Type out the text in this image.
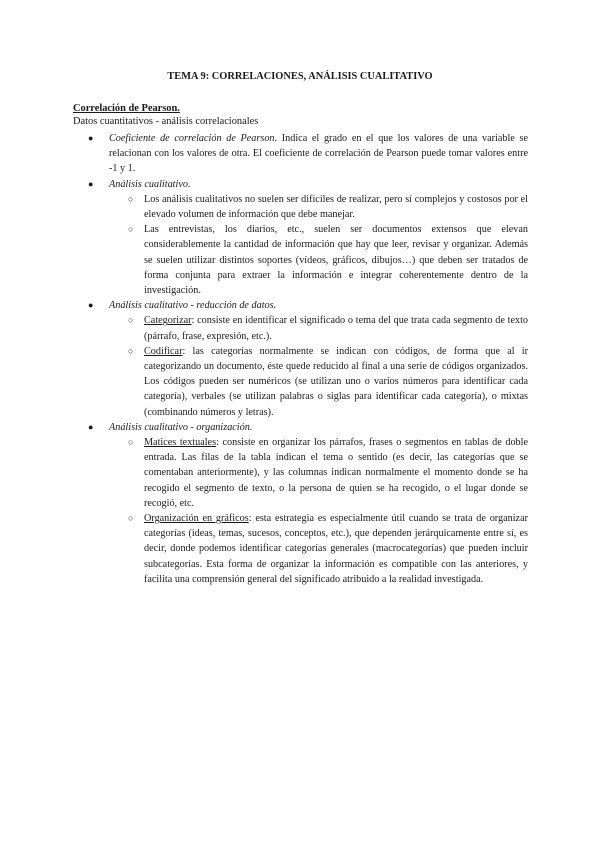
TEMA 9: CORRELACIONES, ANÁLISIS CUALITATIVO
Correlación de Pearson.
Datos cuantitativos - análisis correlacionales
● Coeficiente de correlación de Pearson. Indica el grado en el que los valores de una variable se relacionan con los valores de otra. El coeficiente de correlación de Pearson puede tomar valores entre -1 y 1.
● Análisis cualitativo.
○ Los análisis cualitativos no suelen ser difíciles de realizar, pero sí complejos y costosos por el elevado volumen de información que debe manejar.
○ Las entrevistas, los diarios, etc., suelen ser documentos extensos que elevan considerablemente la cantidad de información que hay que leer, revisar y organizar. Además se suelen utilizar distintos soportes (vídeos, gráficos, dibujos…) que deben ser tratados de forma conjunta para extraer la información e integrar coherentemente dentro de la investigación.
● Análisis cualitativo - reducción de datos.
○ Categorizar: consiste en identificar el significado o tema del que trata cada segmento de texto (párrafo, frase, expresión, etc.).
○ Codificar: las categorías normalmente se indican con códigos, de forma que al ir categorizando un documento, éste quede reducido al final a una serie de códigos organizados. Los códigos pueden ser numéricos (se utilizan uno o varios números para identificar cada categoría), verbales (se utilizan palabras o siglas para identificar cada categoría), o mixtas (combinando números y letras).
● Análisis cualitativo - organización.
○ Matices textuales: consiste en organizar los párrafos, frases o segmentos en tablas de doble entrada. Las filas de la tabla indican el tema o sentido (es decir, las categorías que se comentaban anteriormente), y las columnas indican normalmente el momento donde se ha recogido el segmento de texto, o la persona de quien se ha recogido, o el lugar donde se recogió, etc.
○ Organización en gráficos: esta estrategia es especialmente útil cuando se trata de organizar categorías (ideas, temas, sucesos, conceptos, etc.), que dependen jerárquicamente entre sí, es decir, donde podemos identificar categorías generales (macrocategorías) que pueden incluir subcategorías. Esta forma de organizar la información es compatible con las anteriores, y facilita una comprensión general del significado atribuido a la realidad investigada.
